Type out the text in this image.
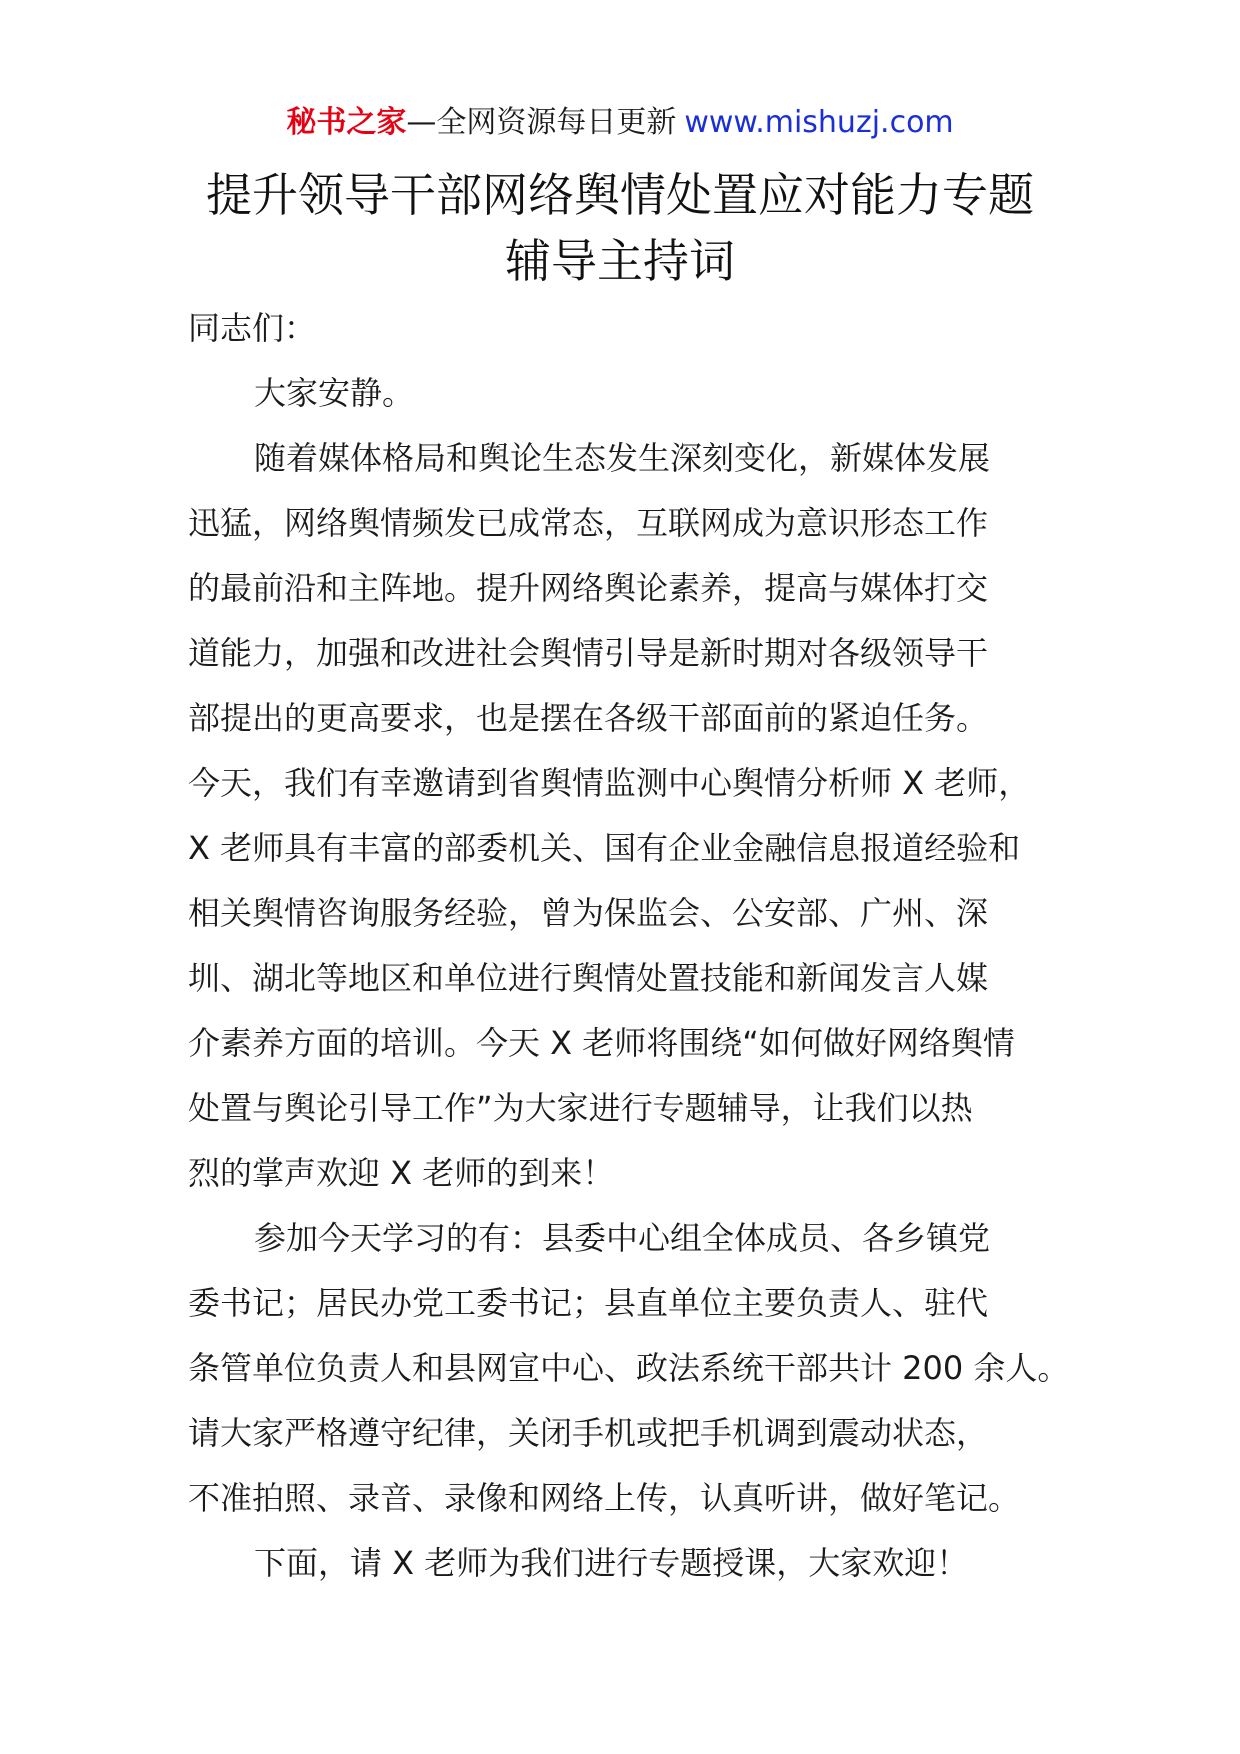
秘书之家—全网资源每日更新 www.mishuzj.com
提升领导干部网络舆情处置应对能力专题
辅导主持词
同志们：
大家安静。
随着媒体格局和舆论生态发生深刻变化，新媒体发展
迅猛，网络舆情频发已成常态，互联网成为意识形态工作
的最前沿和主阵地。提升网络舆论素养，提高与媒体打交
道能力，加强和改进社会舆情引导是新时期对各级领导干
部提出的更高要求，也是摆在各级干部面前的紧迫任务。
今天，我们有幸邀请到省舆情监测中心舆情分析师 X 老师，
X 老师具有丰富的部委机关、国有企业金融信息报道经验和
相关舆情咨询服务经验，曾为保监会、公安部、广州、深
圳、湖北等地区和单位进行舆情处置技能和新闻发言人媒
介素养方面的培训。今天 X 老师将围绕“如何做好网络舆情
处置与舆论引导工作”为大家进行专题辅导，让我们以热
烈的掌声欢迎 X 老师的到来！
参加今天学习的有：县委中心组全体成员、各乡镇党
委书记；居民办党工委书记；县直单位主要负责人、驻代
条管单位负责人和县网宣中心、政法系统干部共计 200 余人。
请大家严格遵守纪律，关闭手机或把手机调到震动状态，
不准拍照、录音、录像和网络上传，认真听讲，做好笔记。
下面，请 X 老师为我们进行专题授课，大家欢迎！
